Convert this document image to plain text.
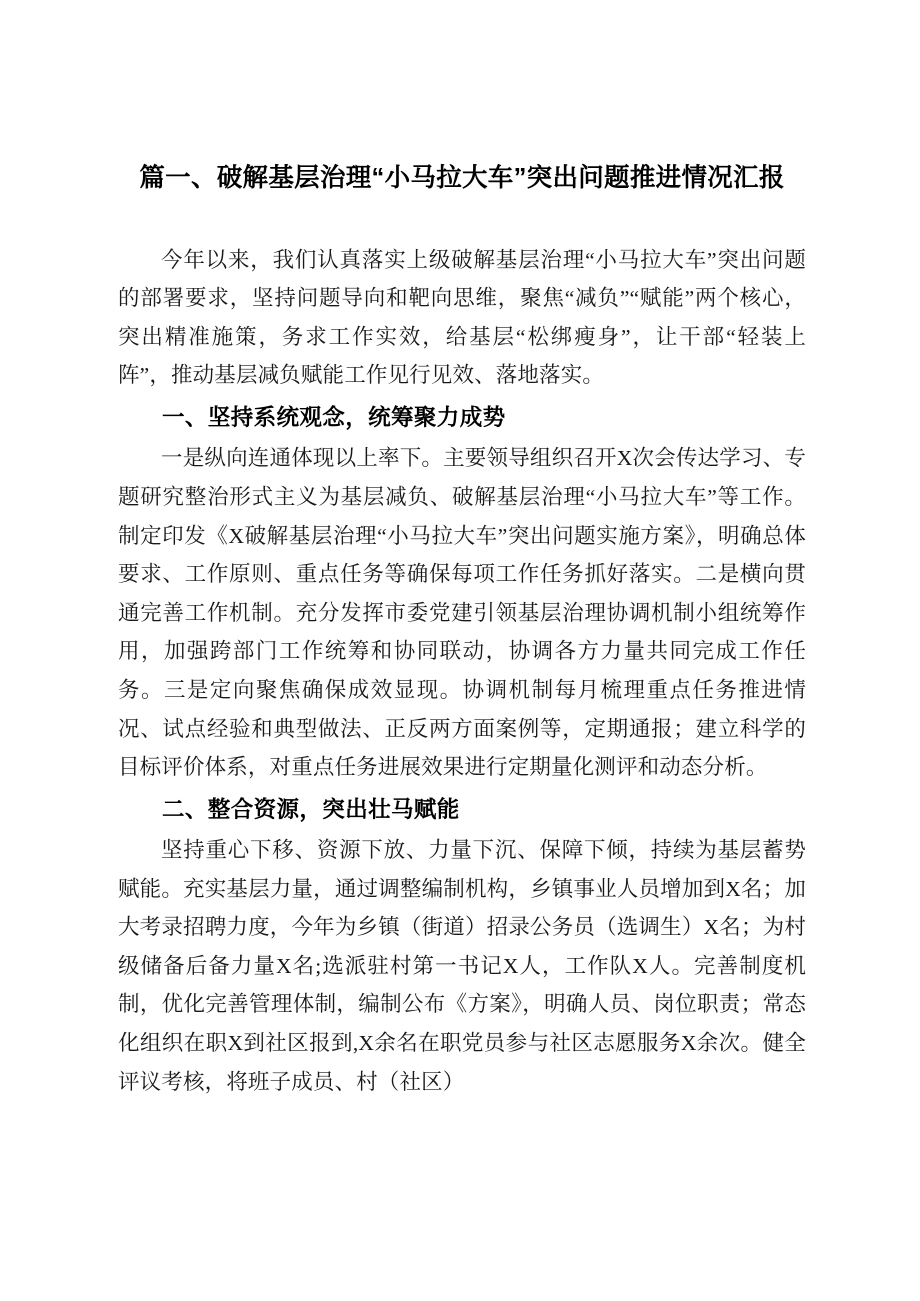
篇一、破解基层治理“小马拉大车”突出问题推进情况汇报

今年以来，我们认真落实上级破解基层治理“小马拉大车”突出问题的部署要求，坚持问题导向和靶向思维，聚焦“减负”“赋能”两个核心，突出精准施策，务求工作实效，给基层“松绑瘦身”，让干部“轻装上阵”，推动基层减负赋能工作见行见效、落地落实。

一、坚持系统观念，统筹聚力成势

一是纵向连通体现以上率下。主要领导组织召开X次会传达学习、专题研究整治形式主义为基层减负、破解基层治理“小马拉大车”等工作。制定印发《X破解基层治理“小马拉大车”突出问题实施方案》，明确总体要求、工作原则、重点任务等确保每项工作任务抓好落实。二是横向贯通完善工作机制。充分发挥市委党建引领基层治理协调机制小组统筹作用，加强跨部门工作统筹和协同联动，协调各方力量共同完成工作任务。三是定向聚焦确保成效显现。协调机制每月梳理重点任务推进情况、试点经验和典型做法、正反两方面案例等，定期通报；建立科学的目标评价体系，对重点任务进展效果进行定期量化测评和动态分析。

二、整合资源，突出壮马赋能

坚持重心下移、资源下放、力量下沉、保障下倾，持续为基层蓄势赋能。充实基层力量，通过调整编制机构，乡镇事业人员增加到X名；加大考录招聘力度，今年为乡镇（街道）招录公务员（选调生）X名；为村级储备后备力量X名;选派驻村第一书记X人，工作队X人。完善制度机制，优化完善管理体制，编制公布《方案》，明确人员、岗位职责；常态化组织在职X到社区报到,X余名在职党员参与社区志愿服务X余次。健全评议考核，将班子成员、村（社区）
